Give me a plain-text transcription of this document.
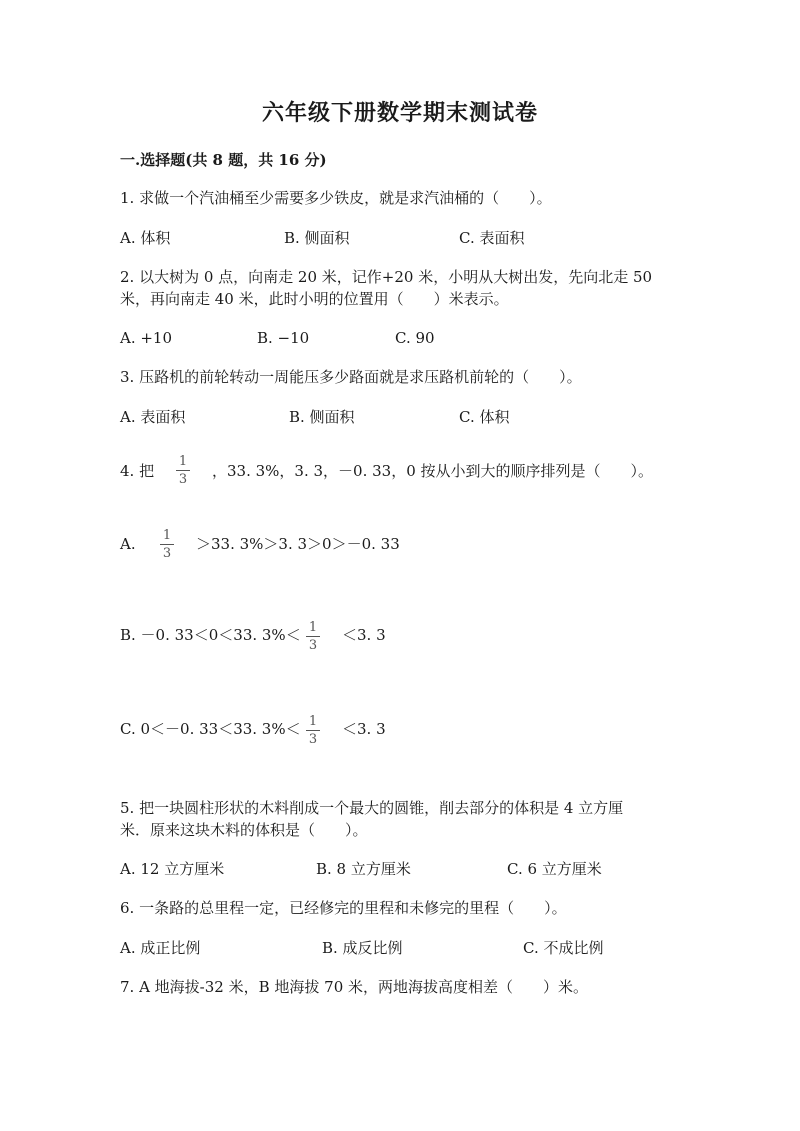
六年级下册数学期末测试卷
一.选择题(共 8 题，共 16 分)
1. 求做一个汽油桶至少需要多少铁皮，就是求汽油桶的（　　）。
A. 体积	B. 侧面积	C. 表面积
2. 以大树为 0 点，向南走 20 米，记作+20 米，小明从大树出发，先向北走 50
米，再向南走 40 米，此时小明的位置用（　　）米表示。
A. +10	B. −10	C. 90
3. 压路机的前轮转动一周能压多少路面就是求压路机前轮的（　　）。
A. 表面积	B. 侧面积	C. 体积
4. 把
1
3 ，33. 3%，3. 3，－0. 33，0 按从小到大的顺序排列是（　　）。
A. 1
3
＞33. 3%＞3. 3＞0＞－0. 33
B. －0. 33＜0＜33. 3%＜ 1
3
＜3. 3
C. 0＜－0. 33＜33. 3%＜ 1
3
＜3. 3
5. 把一块圆柱形状的木料削成一个最大的圆锥，削去部分的体积是 4 立方厘
米．原来这块木料的体积是（　　）。
A. 12 立方厘米	B. 8 立方厘米	C. 6 立方厘米
6. 一条路的总里程一定，已经修完的里程和未修完的里程（　　）。
A. 成正比例	B. 成反比例	C. 不成比例
7. A 地海拔-32 米，B 地海拔 70 米，两地海拔高度相差（　　）米。
